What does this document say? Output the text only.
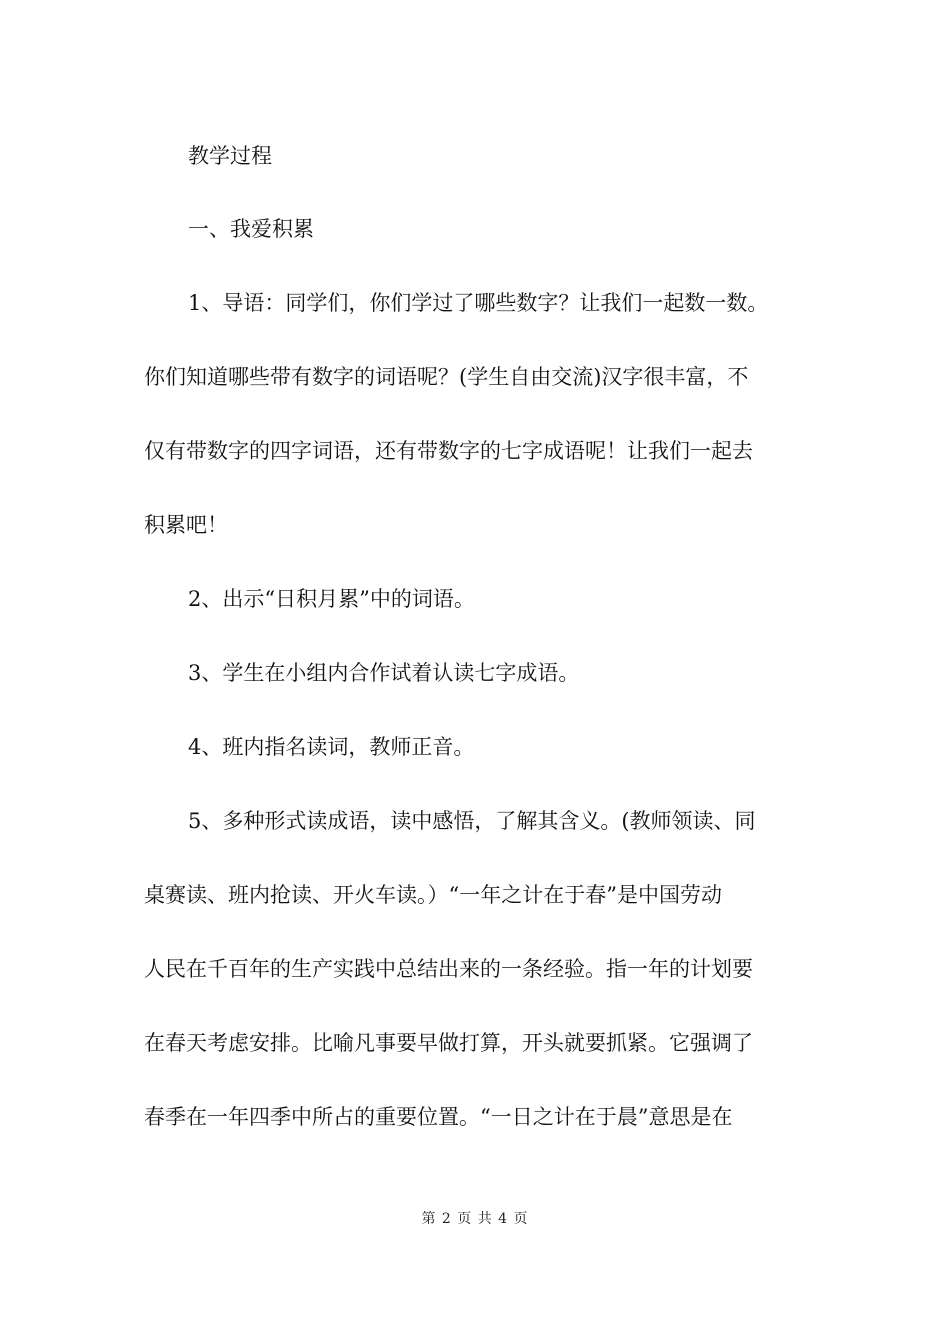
教学过程
一、我爱积累
1、导语：同学们，你们学过了哪些数字？让我们一起数一数。
你们知道哪些带有数字的词语呢？(学生自由交流)汉字很丰富，不
仅有带数字的四字词语，还有带数字的七字成语呢！让我们一起去
积累吧！
2、出示“日积月累”中的词语。
3、学生在小组内合作试着认读七字成语。
4、班内指名读词，教师正音。
5、多种形式读成语，读中感悟，了解其含义。(教师领读、同
桌赛读、班内抢读、开火车读。）“一年之计在于春”是中国劳动
人民在千百年的生产实践中总结出来的一条经验。指一年的计划要
在春天考虑安排。比喻凡事要早做打算，开头就要抓紧。它强调了
春季在一年四季中所占的重要位置。“一日之计在于晨”意思是在
第 2 页 共 4 页
